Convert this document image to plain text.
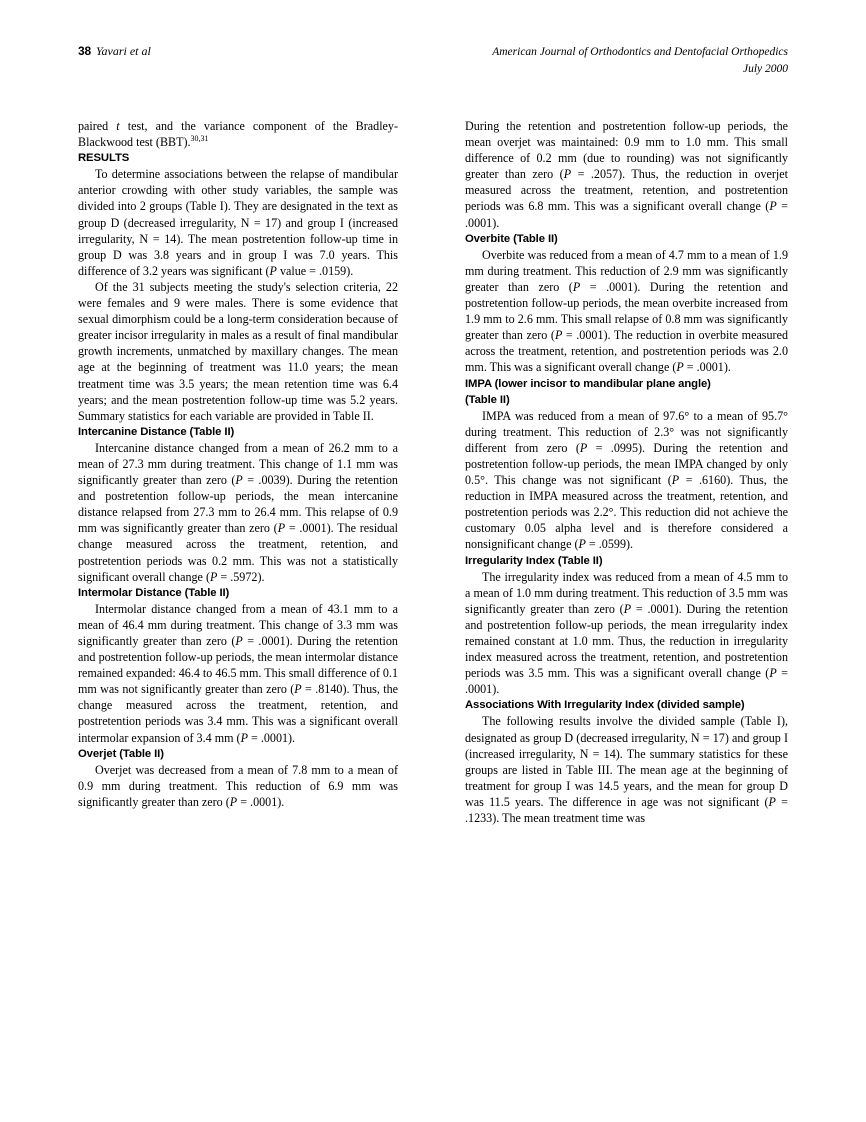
38 Yavari et al	American Journal of Orthodontics and Dentofacial Orthopedics
July 2000

paired t test, and the variance component of the Bradley-Blackwood test (BBT).$^{30,31}$

RESULTS

To determine associations between the relapse of mandibular anterior crowding with other study variables, the sample was divided into 2 groups (Table I). They are designated in the text as group D (decreased irregularity, N = 17) and group I (increased irregularity, N = 14). The mean postretention follow-up time in group D was 3.8 years and in group I was 7.0 years. This difference of 3.2 years was significant (P value = .0159).

Of the 31 subjects meeting the study's selection criteria, 22 were females and 9 were males. There is some evidence that sexual dimorphism could be a long-term consideration because of greater incisor irregularity in males as a result of final mandibular growth increments, unmatched by maxillary changes. The mean age at the beginning of treatment was 11.0 years; the mean treatment time was 3.5 years; the mean retention time was 6.4 years; and the mean postretention follow-up time was 5.2 years. Summary statistics for each variable are provided in Table II.

Intercanine Distance (Table II)

Intercanine distance changed from a mean of 26.2 mm to a mean of 27.3 mm during treatment. This change of 1.1 mm was significantly greater than zero (P = .0039). During the retention and postretention follow-up periods, the mean intercanine distance relapsed from 27.3 mm to 26.4 mm. This relapse of 0.9 mm was significantly greater than zero (P = .0001). The residual change measured across the treatment, retention, and postretention periods was 0.2 mm. This was not a statistically significant overall change (P = .5972).

Intermolar Distance (Table II)

Intermolar distance changed from a mean of 43.1 mm to a mean of 46.4 mm during treatment. This change of 3.3 mm was significantly greater than zero (P = .0001). During the retention and postretention follow-up periods, the mean intermolar distance remained expanded: 46.4 to 46.5 mm. This small difference of 0.1 mm was not significantly greater than zero (P = .8140). Thus, the change measured across the treatment, retention, and postretention periods was 3.4 mm. This was a significant overall intermolar expansion of 3.4 mm (P = .0001).

Overjet (Table II)

Overjet was decreased from a mean of 7.8 mm to a mean of 0.9 mm during treatment. This reduction of 6.9 mm was significantly greater than zero (P = .0001).

During the retention and postretention follow-up periods, the mean overjet was maintained: 0.9 mm to 1.0 mm. This small difference of 0.2 mm (due to rounding) was not significantly greater than zero (P = .2057). Thus, the reduction in overjet measured across the treatment, retention, and postretention periods was 6.8 mm. This was a significant overall change (P = .0001).

Overbite (Table II)

Overbite was reduced from a mean of 4.7 mm to a mean of 1.9 mm during treatment. This reduction of 2.9 mm was significantly greater than zero (P = .0001). During the retention and postretention follow-up periods, the mean overbite increased from 1.9 mm to 2.6 mm. This small relapse of 0.8 mm was significantly greater than zero (P = .0001). The reduction in overbite measured across the treatment, retention, and postretention periods was 2.0 mm. This was a significant overall change (P = .0001).

IMPA (lower incisor to mandibular plane angle)
(Table II)

IMPA was reduced from a mean of 97.6° to a mean of 95.7° during treatment. This reduction of 2.3° was not significantly different from zero (P = .0995). During the retention and postretention follow-up periods, the mean IMPA changed by only 0.5°. This change was not significant (P = .6160). Thus, the reduction in IMPA measured across the treatment, retention, and postretention periods was 2.2°. This reduction did not achieve the customary 0.05 alpha level and is therefore considered a nonsignificant change (P = .0599).

Irregularity Index (Table II)

The irregularity index was reduced from a mean of 4.5 mm to a mean of 1.0 mm during treatment. This reduction of 3.5 mm was significantly greater than zero (P = .0001). During the retention and postretention follow-up periods, the mean irregularity index remained constant at 1.0 mm. Thus, the reduction in irregularity index measured across the treatment, retention, and postretention periods was 3.5 mm. This was a significant overall change (P = .0001).

Associations With Irregularity Index (divided sample)

The following results involve the divided sample (Table I), designated as group D (decreased irregularity, N = 17) and group I (increased irregularity, N = 14). The summary statistics for these groups are listed in Table III. The mean age at the beginning of treatment for group I was 14.5 years, and the mean for group D was 11.5 years. The difference in age was not significant (P = .1233). The mean treatment time was
